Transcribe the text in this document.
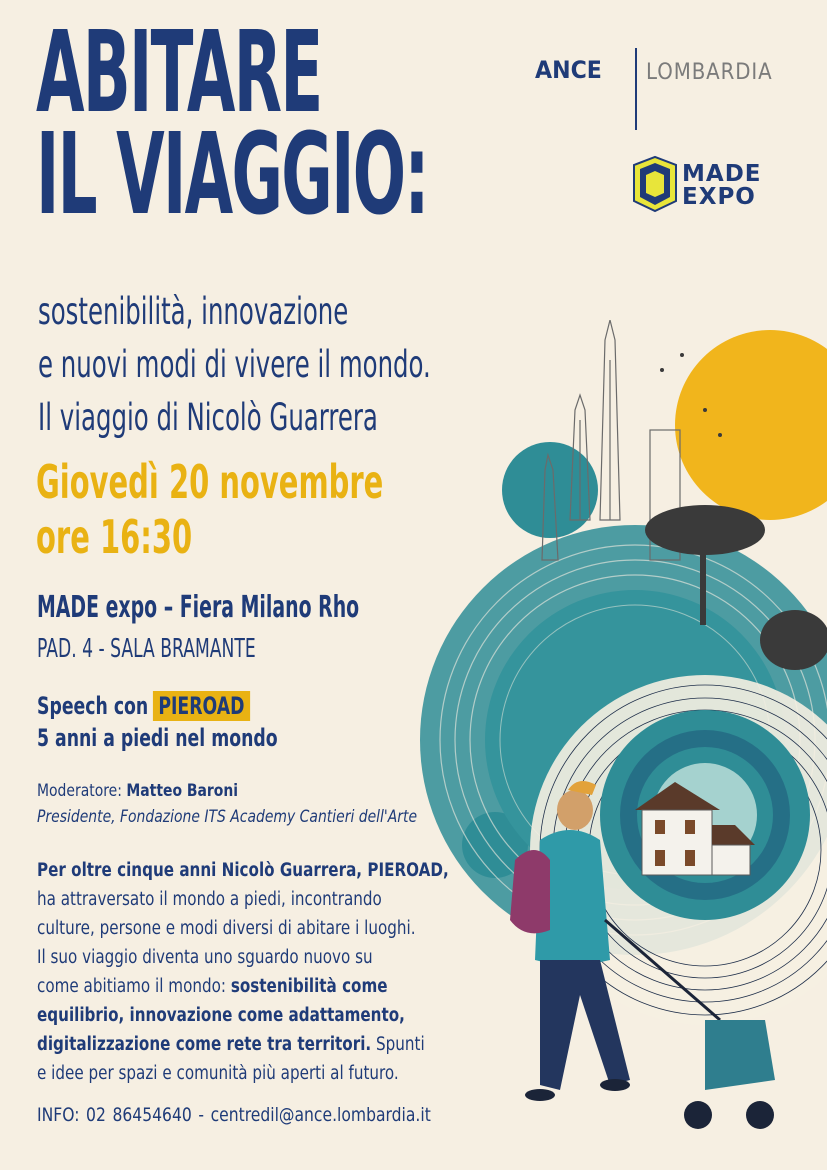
ABITARE
IL VIAGGIO:
sostenibilità, innovazione
e nuovi modi di vivere il mondo.
Il viaggio di Nicolò Guarrera
Giovedì 20 novembre
ore 16:30
MADE expo – Fiera Milano Rho
PAD. 4 - SALA BRAMANTE
Speech con PIEROAD
5 anni a piedi nel mondo
Moderatore: Matteo Baroni
Presidente, Fondazione ITS Academy Cantieri dell'Arte
Per oltre cinque anni Nicolò Guarrera, PIEROAD,
ha attraversato il mondo a piedi, incontrando
culture, persone e modi diversi di abitare i luoghi.
Il suo viaggio diventa uno sguardo nuovo su
come abitiamo il mondo: sostenibilità come
equilibrio, innovazione come adattamento,
digitalizzazione come rete tra territori. Spunti
e idee per spazi e comunità più aperti al futuro.
INFO: 02 86454640 - centredil@ance.lombardia.it
ANCE LOMBARDIA
MADE
EXPO
